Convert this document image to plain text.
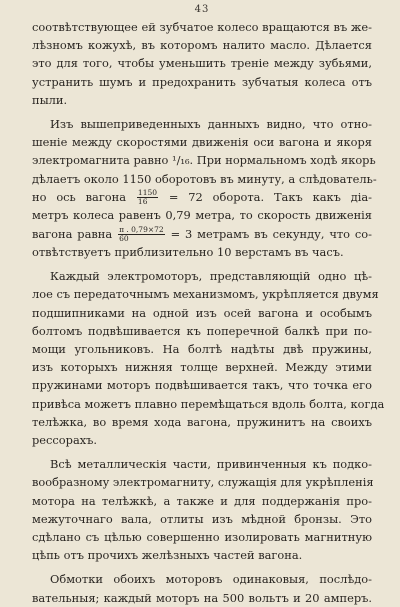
43

соотвѣтствующее ей зубчатое колесо вращаются въ же-
лѣзномъ кожухѣ, въ которомъ налито масло. Дѣлается
это для того, чтобы уменьшить треніе между зубьями,
устранить шумъ и предохранить зубчатыя колеса отъ
пыли.

Изъ вышеприведенныхъ данныхъ видно, что отно-
шеніе между скоростями движенія оси вагона и якоря
электромагнита равно ¹/₁₆. При нормальномъ ходѣ якорь
дѣлаетъ около 1150 оборотовъ въ минуту, а слѣдователь-
но ось вагона $\frac{1150}{16} = 72$ оборота. Такъ какъ діа-
метръ колеса равенъ 0,79 метра, то скорость движенія
вагона равна $\frac{\pi . 0,79\times 72}{60} = 3$ метрамъ въ секунду, что со-
отвѣтствуетъ приблизительно 10 верстамъ въ часъ.

Каждый электромоторъ, представляющій одно цѣ-
лое съ передаточнымъ механизмомъ, укрѣпляется двумя
подшипниками на одной изъ осей вагона и особымъ
болтомъ подвѣшивается къ поперечной балкѣ при по-
мощи угольниковъ. На болтѣ надѣты двѣ пружины,
изъ которыхъ нижняя толще верхней. Между этими
пружинами моторъ подвѣшивается такъ, что точка его
привѣса можетъ плавно перемѣщаться вдоль болта, когда
телѣжка, во время хода вагона, пружинитъ на своихъ
рессорахъ.

Всѣ металлическія части, привинченныя къ подко-
вообразному электромагниту, служащія для укрѣпленія
мотора на телѣжкѣ, а также и для поддержанія про-
межуточнаго вала, отлиты изъ мѣдной бронзы. Это
сдѣлано съ цѣлью совершенно изолировать магнитную
цѣпь отъ прочихъ желѣзныхъ частей вагона.

Обмотки обоихъ моторовъ одинаковыя, послѣдо-
вательныя; каждый моторъ на 500 вольтъ и 20 амперъ.
